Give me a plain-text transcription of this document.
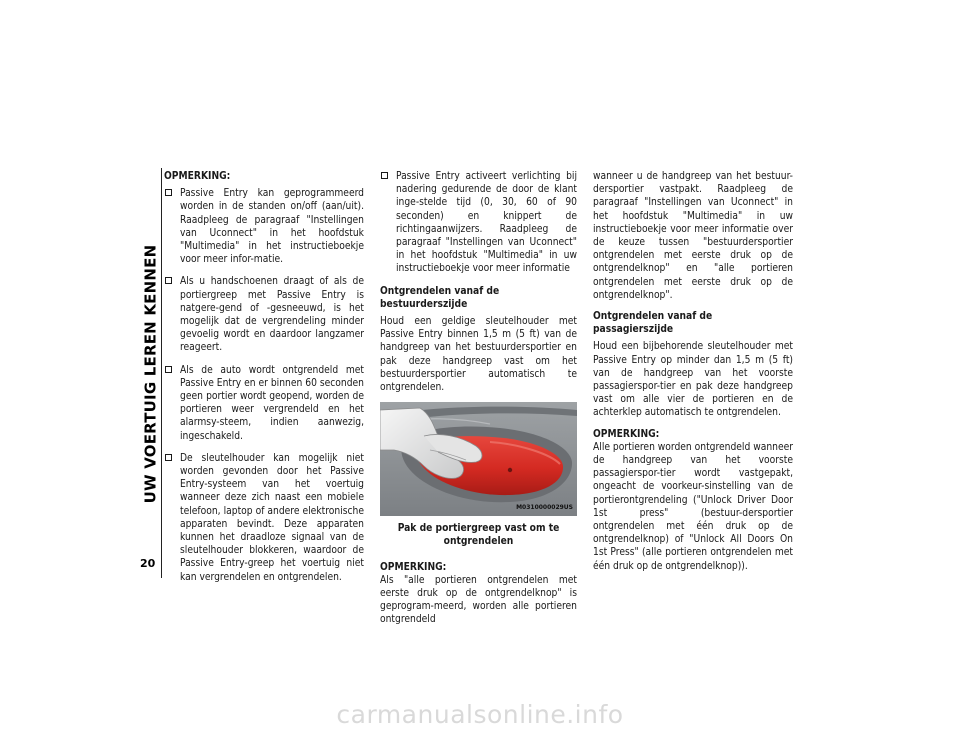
UW VOERTUIG LEREN KENNEN
20
OPMERKING:
Passive Entry kan geprogrammeerd worden in de standen on/off (aan/uit). Raadpleeg de paragraaf "Instellingen van Uconnect" in het hoofdstuk "Multimedia" in het instructieboekje voor meer infor-matie.
Als u handschoenen draagt of als de portiergreep met Passive Entry is natgere-gend of -gesneeuwd, is het mogelijk dat de vergrendeling minder gevoelig wordt en daardoor langzamer reageert.
Als de auto wordt ontgrendeld met Passive Entry en er binnen 60 seconden geen portier wordt geopend, worden de portieren weer vergrendeld en het alarmsy-steem, indien aanwezig, ingeschakeld.
De sleutelhouder kan mogelijk niet worden gevonden door het Passive Entry-systeem van het voertuig wanneer deze zich naast een mobiele telefoon, laptop of andere elektronische apparaten bevindt. Deze apparaten kunnen het draadloze signaal van de sleutelhouder blokkeren, waardoor de Passive Entry-greep het voertuig niet kan vergrendelen en ontgrendelen.
Passive Entry activeert verlichting bij nadering gedurende de door de klant inge-stelde tijd (0, 30, 60 of 90 seconden) en knippert de richtingaanwijzers. Raadpleeg de paragraaf "Instellingen van Uconnect" in het hoofdstuk "Multimedia" in uw instructieboekje voor meer informatie
Ontgrendelen vanaf de bestuurderszijde

Houd een geldige sleutelhouder met Passive Entry binnen 1,5 m (5 ft) van de handgreep van het bestuurdersportier en pak deze handgreep vast om het bestuurdersportier automatisch te ontgrendelen.

M0310000029US
Pak de portiergreep vast om te ontgrendelen

OPMERKING:
Als "alle portieren ontgrendelen met eerste druk op de ontgrendelknop" is geprogram-meerd, worden alle portieren ontgrendeld

wanneer u de handgreep van het bestuur-dersportier vastpakt. Raadpleeg de paragraaf "Instellingen van Uconnect" in het hoofdstuk "Multimedia" in uw instructieboekje voor meer informatie over de keuze tussen "bestuurdersportier ontgrendelen met eerste druk op de ontgrendelknop" en "alle portieren ontgrendelen met eerste druk op de ontgrendelknop".

Ontgrendelen vanaf de passagierszijde

Houd een bijbehorende sleutelhouder met Passive Entry op minder dan 1,5 m (5 ft) van de handgreep van het voorste passagierspor-tier en pak deze handgreep vast om alle vier de portieren en de achterklep automatisch te ontgrendelen.

OPMERKING:
Alle portieren worden ontgrendeld wanneer de handgreep van het voorste passagierspor-tier wordt vastgepakt, ongeacht de voorkeur-sinstelling van de portierontgrendeling ("Unlock Driver Door 1st press" (bestuur-dersportier ontgrendelen met één druk op de ontgrendelknop) of "Unlock All Doors On 1st Press" (alle portieren ontgrendelen met één druk op de ontgrendelknop)).

carmanualsonline.info
